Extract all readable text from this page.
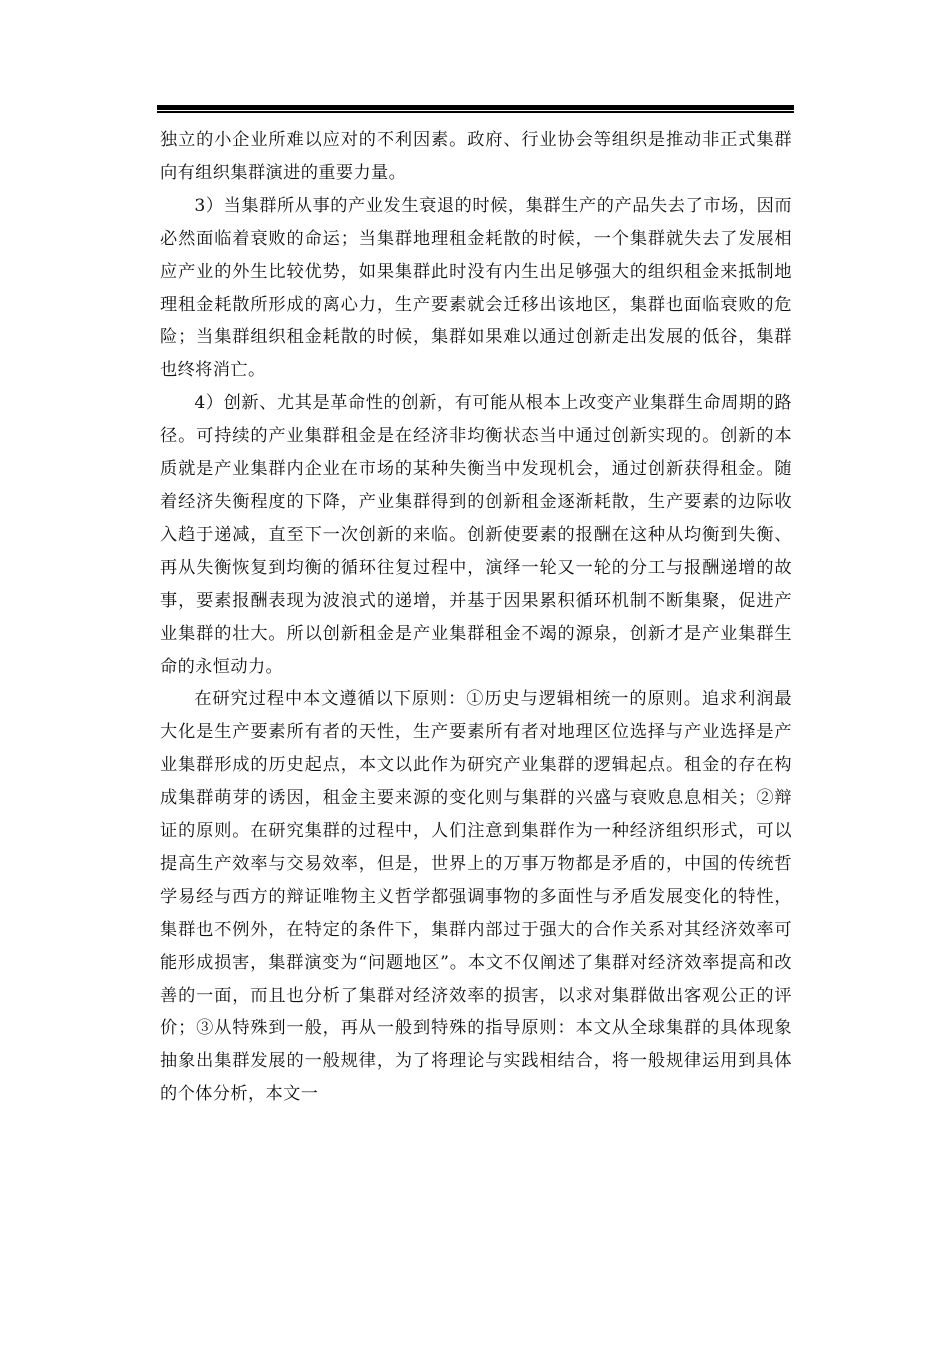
独立的小企业所难以应对的不利因素。政府、行业协会等组织是推动非正式集群向有组织集群演进的重要力量。

3）当集群所从事的产业发生衰退的时候，集群生产的产品失去了市场，因而必然面临着衰败的命运；当集群地理租金耗散的时候，一个集群就失去了发展相应产业的外生比较优势，如果集群此时没有内生出足够强大的组织租金来抵制地理租金耗散所形成的离心力，生产要素就会迁移出该地区，集群也面临衰败的危险；当集群组织租金耗散的时候，集群如果难以通过创新走出发展的低谷，集群也终将消亡。

4）创新、尤其是革命性的创新，有可能从根本上改变产业集群生命周期的路径。可持续的产业集群租金是在经济非均衡状态当中通过创新实现的。创新的本质就是产业集群内企业在市场的某种失衡当中发现机会，通过创新获得租金。随着经济失衡程度的下降，产业集群得到的创新租金逐渐耗散，生产要素的边际收入趋于递减，直至下一次创新的来临。创新使要素的报酬在这种从均衡到失衡、再从失衡恢复到均衡的循环往复过程中，演绎一轮又一轮的分工与报酬递增的故事，要素报酬表现为波浪式的递增，并基于因果累积循环机制不断集聚，促进产业集群的壮大。所以创新租金是产业集群租金不竭的源泉，创新才是产业集群生命的永恒动力。

在研究过程中本文遵循以下原则：①历史与逻辑相统一的原则。追求利润最大化是生产要素所有者的天性，生产要素所有者对地理区位选择与产业选择是产业集群形成的历史起点，本文以此作为研究产业集群的逻辑起点。租金的存在构成集群萌芽的诱因，租金主要来源的变化则与集群的兴盛与衰败息息相关；②辩证的原则。在研究集群的过程中，人们注意到集群作为一种经济组织形式，可以提高生产效率与交易效率，但是，世界上的万事万物都是矛盾的，中国的传统哲学易经与西方的辩证唯物主义哲学都强调事物的多面性与矛盾发展变化的特性，集群也不例外，在特定的条件下，集群内部过于强大的合作关系对其经济效率可能形成损害，集群演变为“问题地区”。本文不仅阐述了集群对经济效率提高和改善的一面，而且也分析了集群对经济效率的损害，以求对集群做出客观公正的评价；③从特殊到一般，再从一般到特殊的指导原则：本文从全球集群的具体现象抽象出集群发展的一般规律，为了将理论与实践相结合，将一般规律运用到具体的个体分析，本文一
